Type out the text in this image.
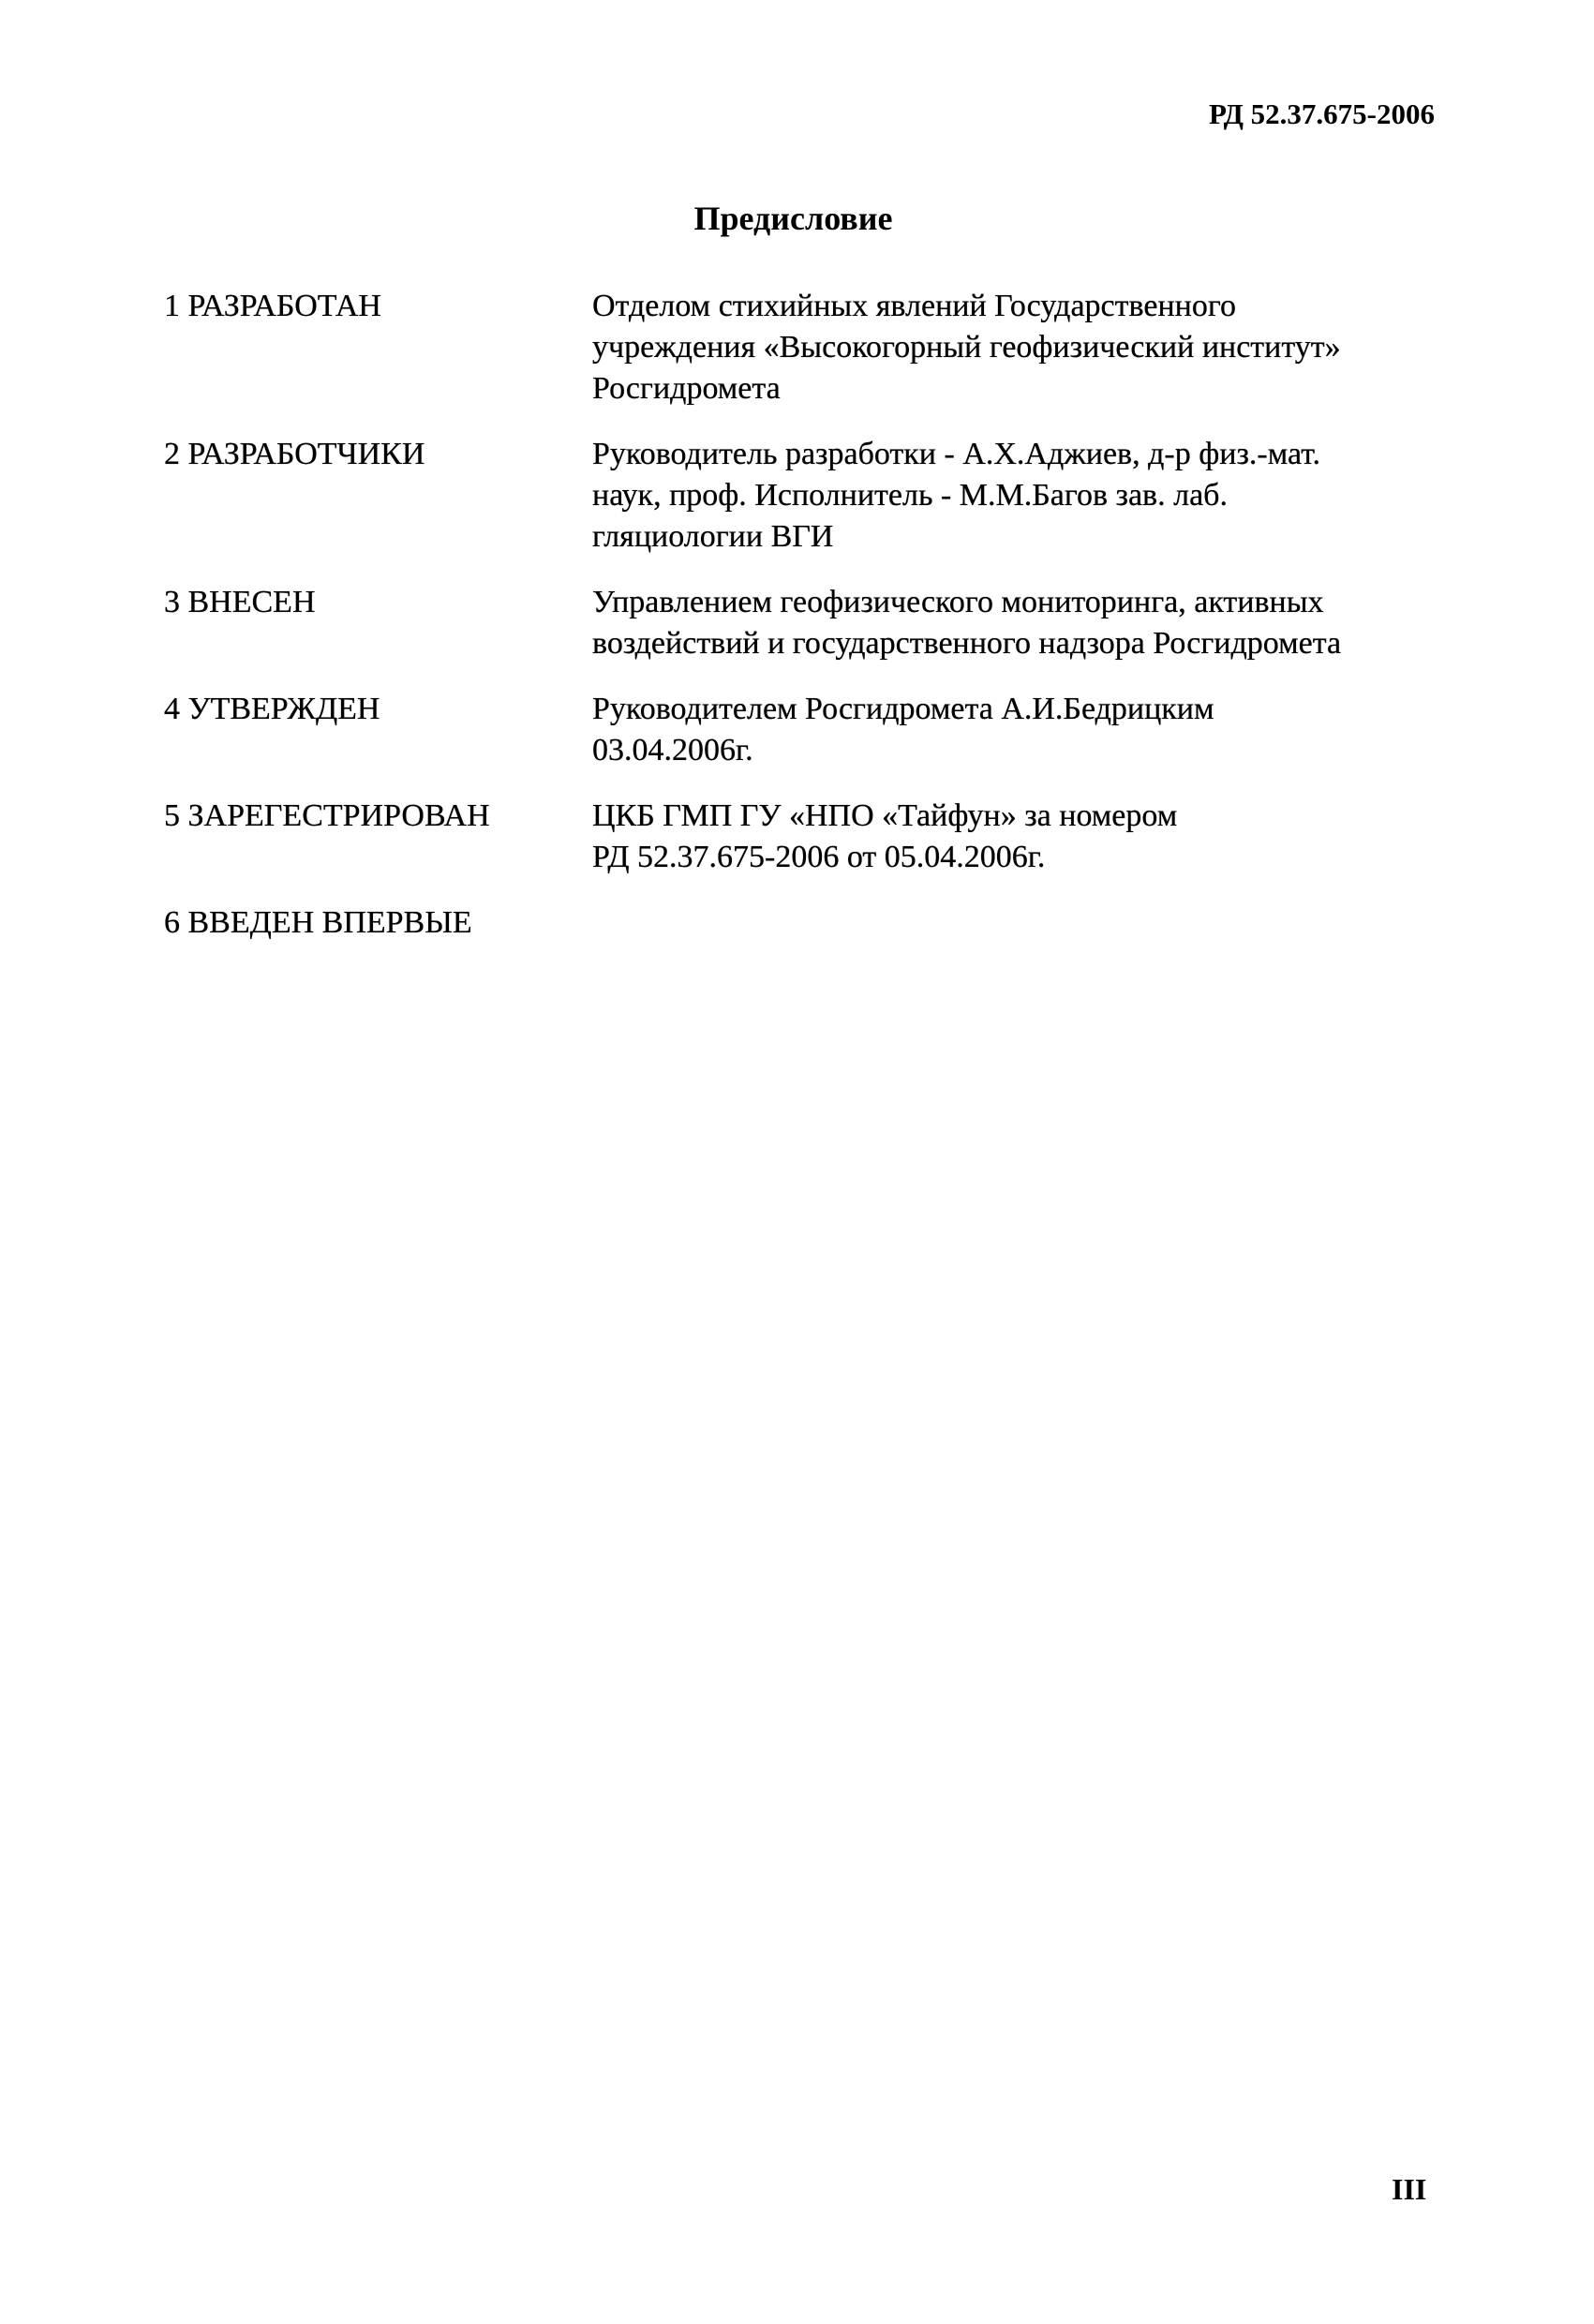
РД 52.37.675-2006
Предисловие
1 РАЗРАБОТАН	Отделом стихийных явлений Государственного
учреждения «Высокогорный геофизический институт»
Росгидромета
2 РАЗРАБОТЧИКИ	Руководитель разработки - А.Х.Аджиев, д-р физ.-мат.
наук, проф. Исполнитель - М.М.Багов зав. лаб.
гляциологии ВГИ
3 ВНЕСЕН	Управлением геофизического мониторинга, активных
воздействий и государственного надзора Росгидромета
4 УТВЕРЖДЕН	Руководителем Росгидромета А.И.Бедрицким
03.04.2006г.
5 ЗАРЕГЕСТРИРОВАН	ЦКБ ГМП ГУ «НПО «Тайфун» за номером
РД 52.37.675-2006 от 05.04.2006г.
6 ВВЕДЕН ВПЕРВЫЕ
III
